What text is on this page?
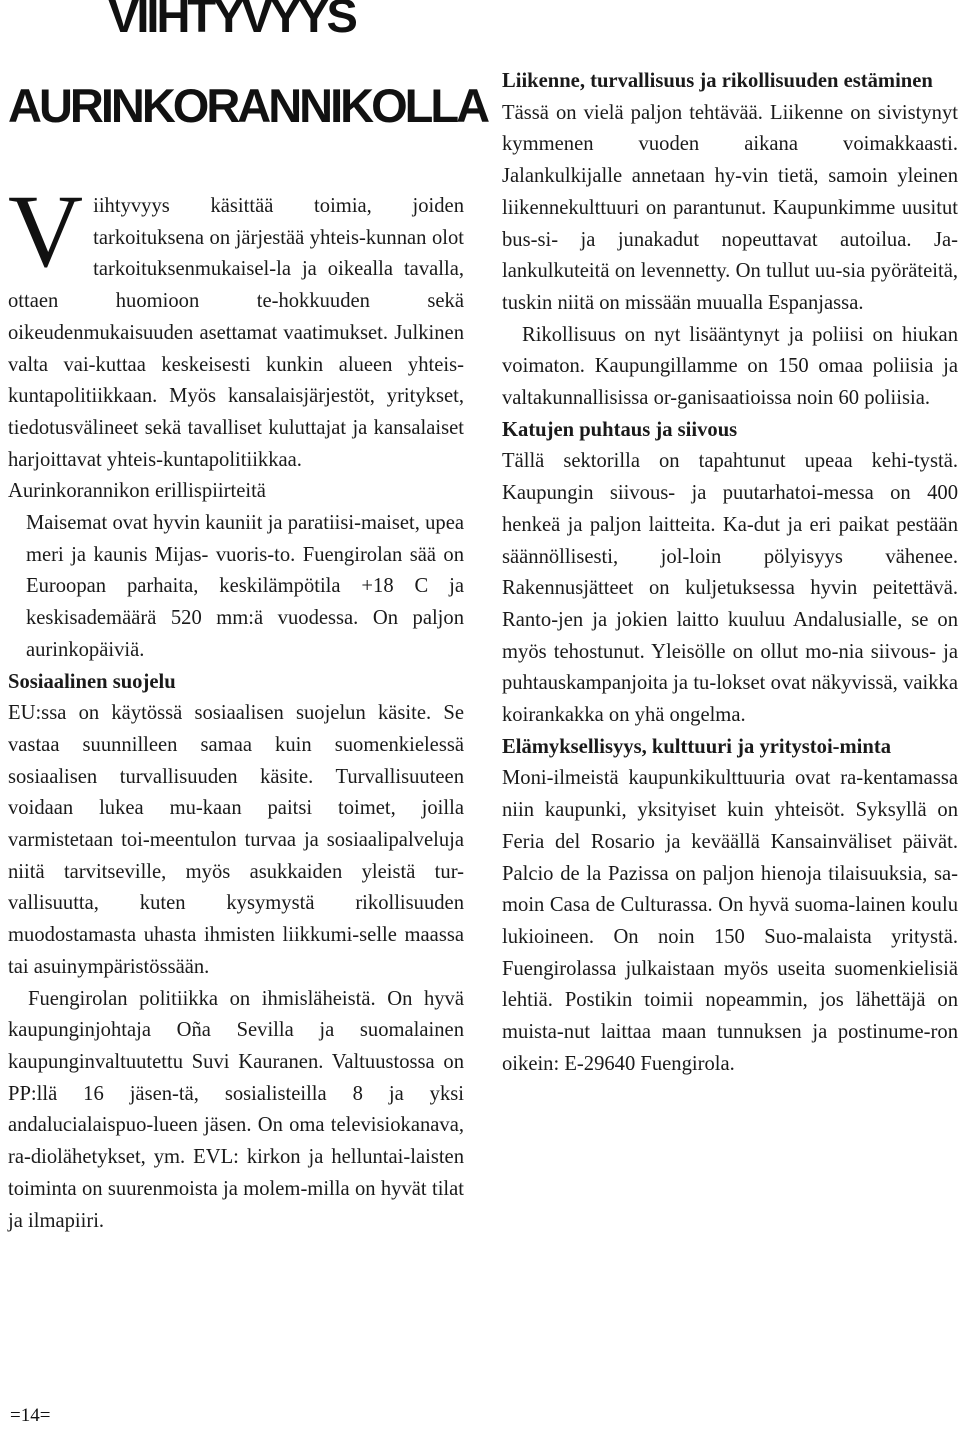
VIIHTYVYYS
AURINKORANNIKOLLA

Viihtyvyys käsittää toimia, joiden tarkoituksena on järjestää yhteis-kunnan olot tarkoituksenmukaisel-la ja oikealla tavalla, ottaen huomioon te-hokkuuden sekä oikeudenmukaisuuden asettamat vaatimukset. Julkinen valta vai-kuttaa keskeisesti kunkin alueen yhteis-kuntapolitiikkaan. Myös kansalaisjärjestöt, yritykset, tiedotusvälineet sekä tavalliset kuluttajat ja kansalaiset harjoittavat yhteis-kuntapolitiikkaa.

Aurinkorannikon erillispiirteitä

Maisemat ovat hyvin kauniit ja paratiisi-maiset, upea meri ja kaunis Mijas- vuoris-to. Fuengirolan sää on Euroopan parhaita, keskilämpötila +18 C ja keskisademäärä 520 mm:ä vuodessa. On paljon aurinkopäiviä.

Sosiaalinen suojelu

EU:ssa on käytössä sosiaalisen suojelun käsite. Se vastaa suunnilleen samaa kuin suomenkielessä sosiaalisen turvallisuuden käsite. Turvallisuuteen voidaan lukea mu-kaan paitsi toimet, joilla varmistetaan toi-meentulon turvaa ja sosiaalipalveluja niitä tarvitseville, myös asukkaiden yleistä tur-vallisuutta, kuten kysymystä rikollisuuden muodostamasta uhasta ihmisten liikkumi-selle maassa tai asuinympäristössään.

Fuengirolan politiikka on ihmisläheistä. On hyvä kaupunginjohtaja Oña Sevilla ja suomalainen kaupunginvaltuutettu Suvi Kauranen. Valtuustossa on PP:llä 16 jäsen-tä, sosialisteilla 8 ja yksi andalucialaispuo-lueen jäsen. On oma televisiokanava, ra-diolähetykset, ym. EVL: kirkon ja helluntai-laisten toiminta on suurenmoista ja molem-milla on hyvät tilat ja ilmapiiri.

Liikenne, turvallisuus ja rikollisuuden estäminen

Tässä on vielä paljon tehtävää. Liikenne on sivistynyt kymmenen vuoden aikana voimakkaasti. Jalankulkijalle annetaan hy-vin tietä, samoin yleinen liikennekulttuuri on parantunut. Kaupunkimme uusitut bus-si- ja junakadut nopeuttavat autoilua. Ja-lankulkuteitä on levennetty. On tullut uu-sia pyöräteitä, tuskin niitä on missään muualla Espanjassa.

Rikollisuus on nyt lisääntynyt ja poliisi on hiukan voimaton. Kaupungillamme on 150 omaa poliisia ja valtakunnallisissa or-ganisaatioissa noin 60 poliisia.

Katujen puhtaus ja siivous

Tällä sektorilla on tapahtunut upeaa kehi-tystä. Kaupungin siivous- ja puutarhatoi-messa on 400 henkeä ja paljon laitteita. Ka-dut ja eri paikat pestään säännöllisesti, jol-loin pölyisyys vähenee. Rakennusjätteet on kuljetuksessa hyvin peitettävä. Ranto-jen ja jokien laitto kuuluu Andalusialle, se on myös tehostunut. Yleisölle on ollut mo-nia siivous- ja puhtauskampanjoita ja tu-lokset ovat näkyvissä, vaikka koirankakka on yhä ongelma.

Elämyksellisyys, kulttuuri ja yritystoi-minta

Moni-ilmeistä kaupunkikulttuuria ovat ra-kentamassa niin kaupunki, yksityiset kuin yhteisöt. Syksyllä on Feria del Rosario ja keväällä Kansainväliset päivät. Palcio de la Pazissa on paljon hienoja tilaisuuksia, sa-moin Casa de Culturassa. On hyvä suoma-lainen koulu lukioineen. On noin 150 Suo-malaista yritystä. Fuengirolassa julkaistaan myös useita suomenkielisiä lehtiä. Postikin toimii nopeammin, jos lähettäjä on muista-nut laittaa maan tunnuksen ja postinume-ron oikein: E-29640 Fuengirola.

=14=
